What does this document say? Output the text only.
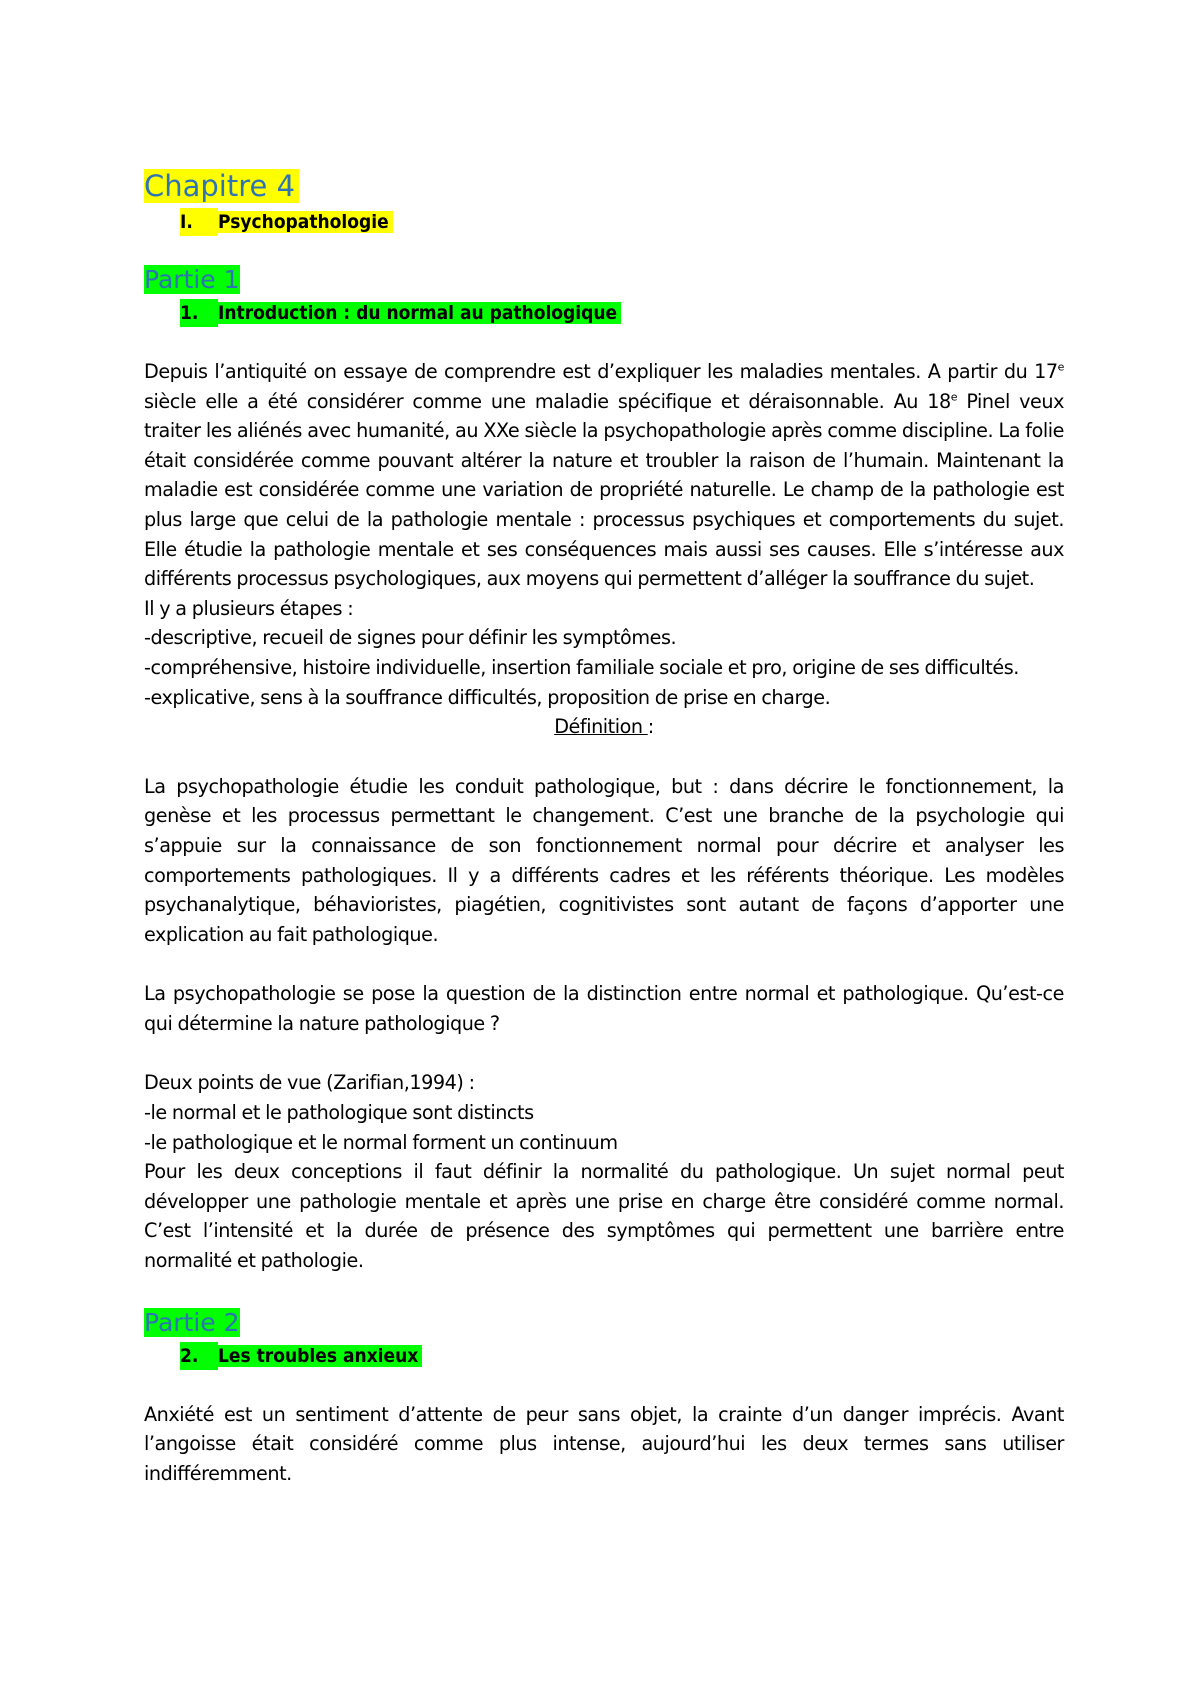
Chapitre 4
I. Psychopathologie
Partie 1
1. Introduction : du normal au pathologique

Depuis l’antiquité on essaye de comprendre est d’expliquer les maladies mentales. A partir du 17e siècle elle a été considérer comme une maladie spécifique et déraisonnable. Au 18e Pinel veux traiter les aliénés avec humanité, au XXe siècle la psychopathologie après comme discipline. La folie était considérée comme pouvant altérer la nature et troubler la raison de l’humain. Maintenant la maladie est considérée comme une variation de propriété naturelle. Le champ de la pathologie est plus large que celui de la pathologie mentale : processus psychiques et comportements du sujet. Elle étudie la pathologie mentale et ses conséquences mais aussi ses causes. Elle s’intéresse aux différents processus psychologiques, aux moyens qui permettent d’alléger la souffrance du sujet.

Il y a plusieurs étapes :

-descriptive, recueil de signes pour définir les symptômes.

-compréhensive, histoire individuelle, insertion familiale sociale et pro, origine de ses difficultés.

-explicative, sens à la souffrance difficultés, proposition de prise en charge.

Définition :

La psychopathologie étudie les conduit pathologique, but : dans décrire le fonctionnement, la genèse et les processus permettant le changement. C’est une branche de la psychologie qui s’appuie sur la connaissance de son fonctionnement normal pour décrire et analyser les comportements pathologiques. Il y a différents cadres et les référents théorique. Les modèles psychanalytique, béhavioristes, piagétien, cognitivistes sont autant de façons d’apporter une explication au fait pathologique.

La psychopathologie se pose la question de la distinction entre normal et pathologique. Qu’est-ce qui détermine la nature pathologique ?

Deux points de vue (Zarifian,1994) :

-le normal et le pathologique sont distincts

-le pathologique et le normal forment un continuum

Pour les deux conceptions il faut définir la normalité du pathologique. Un sujet normal peut développer une pathologie mentale et après une prise en charge être considéré comme normal. C’est l’intensité et la durée de présence des symptômes qui permettent une barrière entre normalité et pathologie.

Partie 2
2. Les troubles anxieux

Anxiété est un sentiment d’attente de peur sans objet, la crainte d’un danger imprécis. Avant l’angoisse était considéré comme plus intense, aujourd’hui les deux termes sans utiliser indifféremment.
